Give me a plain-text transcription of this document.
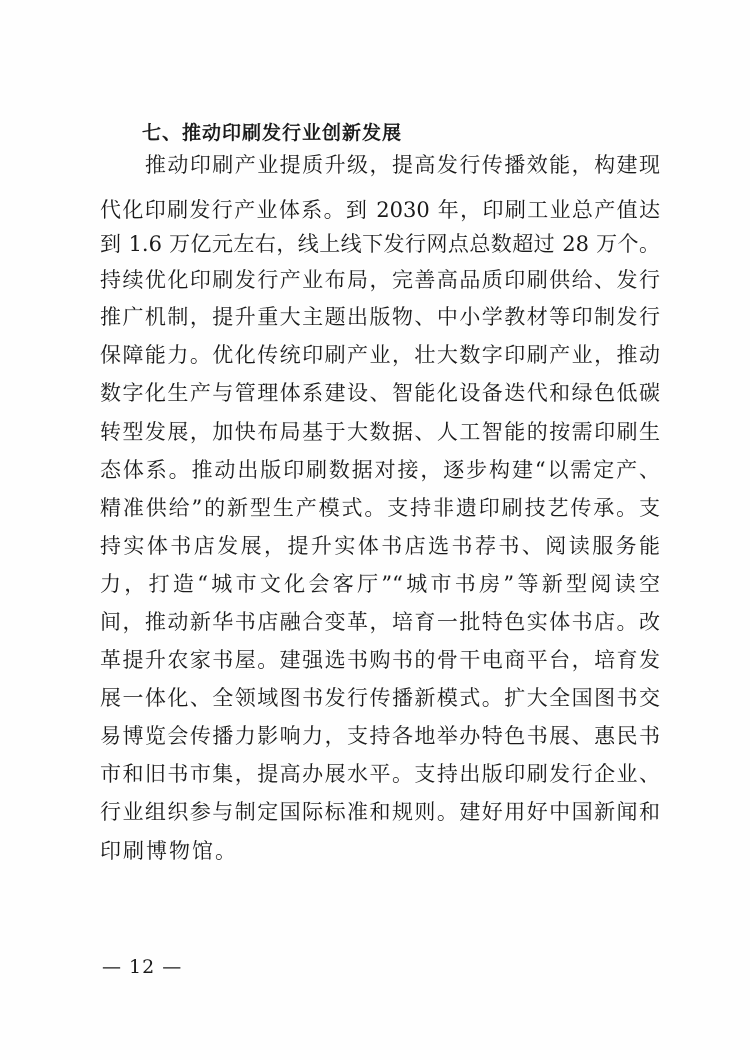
七、推动印刷发行业创新发展
　　推动印刷产业提质升级，提高发行传播效能，构建现
代化印刷发行产业体系。到 2030 年，印刷工业总产值达
到 1.6 万亿元左右，线上线下发行网点总数超过 28 万个。
持续优化印刷发行产业布局，完善高品质印刷供给、发行
推广机制，提升重大主题出版物、中小学教材等印制发行
保障能力。优化传统印刷产业，壮大数字印刷产业，推动
数字化生产与管理体系建设、智能化设备迭代和绿色低碳
转型发展，加快布局基于大数据、人工智能的按需印刷生
态体系。推动出版印刷数据对接，逐步构建“以需定产、
精准供给”的新型生产模式。支持非遗印刷技艺传承。支
持实体书店发展，提升实体书店选书荐书、阅读服务能
力，打造“城市文化会客厅”“城市书房”等新型阅读空
间，推动新华书店融合变革，培育一批特色实体书店。改
革提升农家书屋。建强选书购书的骨干电商平台，培育发
展一体化、全领域图书发行传播新模式。扩大全国图书交
易博览会传播力影响力，支持各地举办特色书展、惠民书
市和旧书市集，提高办展水平。支持出版印刷发行企业、
行业组织参与制定国际标准和规则。建好用好中国新闻和
印刷博物馆。
— 12 —
